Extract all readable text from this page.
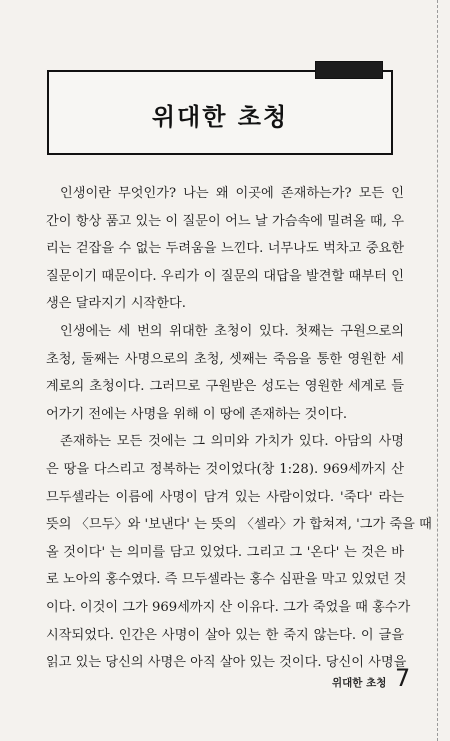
위대한 초청
인생이란 무엇인가? 나는 왜 이곳에 존재하는가? 모든 인
간이 항상 품고 있는 이 질문이 어느 날 가슴속에 밀려올 때, 우
리는 걷잡을 수 없는 두려움을 느낀다. 너무나도 벅차고 중요한
질문이기 때문이다. 우리가 이 질문의 대답을 발견할 때부터 인
생은 달라지기 시작한다.
인생에는 세 번의 위대한 초청이 있다. 첫째는 구원으로의
초청, 둘째는 사명으로의 초청, 셋째는 죽음을 통한 영원한 세
계로의 초청이다. 그러므로 구원받은 성도는 영원한 세계로 들
어가기 전에는 사명을 위해 이 땅에 존재하는 것이다.
존재하는 모든 것에는 그 의미와 가치가 있다. 아담의 사명
은 땅을 다스리고 정복하는 것이었다(창 1:28). 969세까지 산
므두셀라는 이름에 사명이 담겨 있는 사람이었다. '죽다' 라는
뜻의 〈므두〉와 '보낸다' 는 뜻의 〈셀라〉가 합쳐져, '그가 죽을 때
올 것이다' 는 의미를 담고 있었다. 그리고 그 '온다' 는 것은 바
로 노아의 홍수였다. 즉 므두셀라는 홍수 심판을 막고 있었던 것
이다. 이것이 그가 969세까지 산 이유다. 그가 죽었을 때 홍수가
시작되었다. 인간은 사명이 살아 있는 한 죽지 않는다. 이 글을
읽고 있는 당신의 사명은 아직 살아 있는 것이다. 당신이 사명을
위대한 초청 7
